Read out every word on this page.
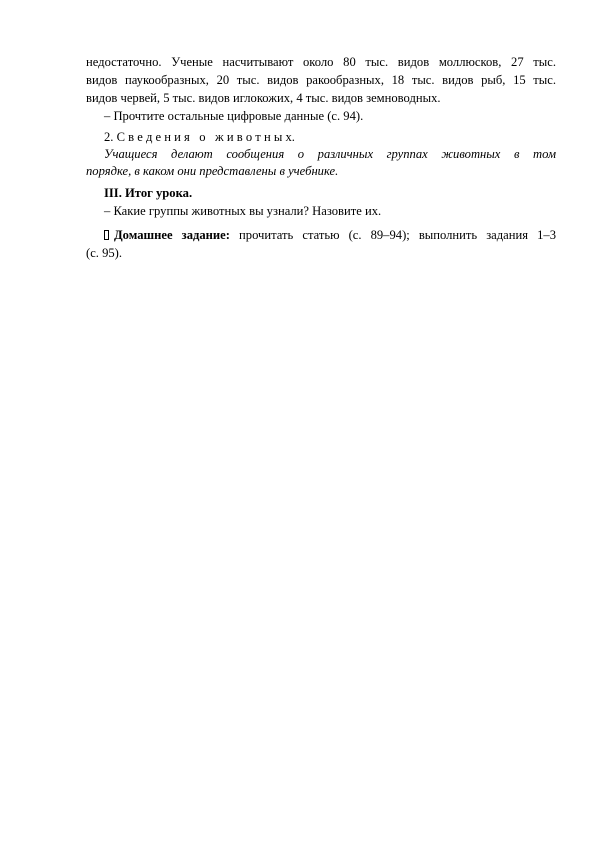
недостаточно. Ученые насчитывают около 80 тыс. видов моллюсков, 27 тыс.
видов паукообразных, 20 тыс. видов ракообразных, 18 тыс. видов рыб, 15 тыс.
видов червей, 5 тыс. видов иглокожих, 4 тыс. видов земноводных.
– Прочтите остальные цифровые данные (с. 94).
2. С в е д е н и я   о   ж и в о т н ы х.
Учащиеся делают сообщения о различных группах животных в том
порядке, в каком они представлены в учебнике.
III. Итог урока.
– Какие группы животных вы узнали? Назовите их.
Домашнее задание: прочитать статью (с. 89–94); выполнить задания 1–3
(с. 95).
